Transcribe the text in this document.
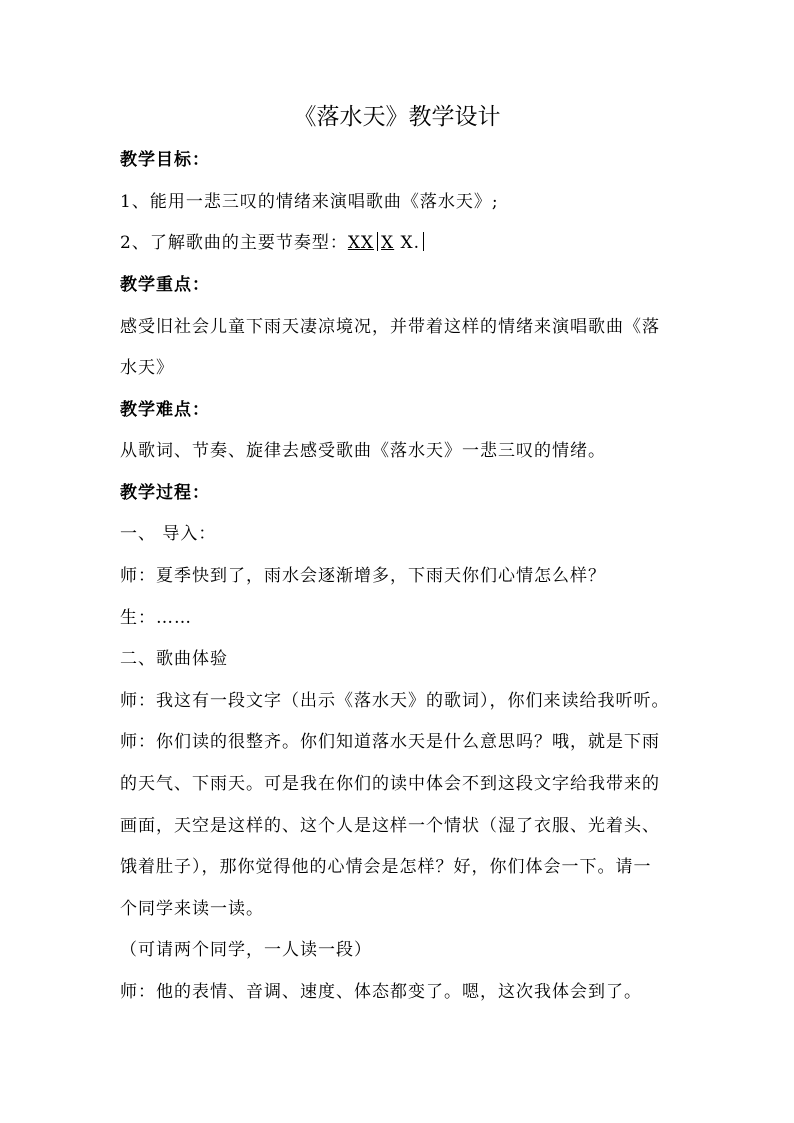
《落水天》教学设计
教学目标：
1、能用一悲三叹的情绪来演唱歌曲《落水天》;
2、了解歌曲的主要节奏型：XX X X.
教学重点：
感受旧社会儿童下雨天凄凉境况，并带着这样的情绪来演唱歌曲《落
水天》
教学难点：
从歌词、节奏、旋律去感受歌曲《落水天》一悲三叹的情绪。
教学过程：
一、 导入：
师：夏季快到了，雨水会逐渐增多，下雨天你们心情怎么样？
生：……
二、歌曲体验
师：我这有一段文字（出示《落水天》的歌词），你们来读给我听听。
师：你们读的很整齐。你们知道落水天是什么意思吗？哦，就是下雨
的天气、下雨天。可是我在你们的读中体会不到这段文字给我带来的
画面，天空是这样的、这个人是这样一个情状（湿了衣服、光着头、
饿着肚子），那你觉得他的心情会是怎样？好，你们体会一下。请一
个同学来读一读。
（可请两个同学，一人读一段）
师：他的表情、音调、速度、体态都变了。嗯，这次我体会到了。
